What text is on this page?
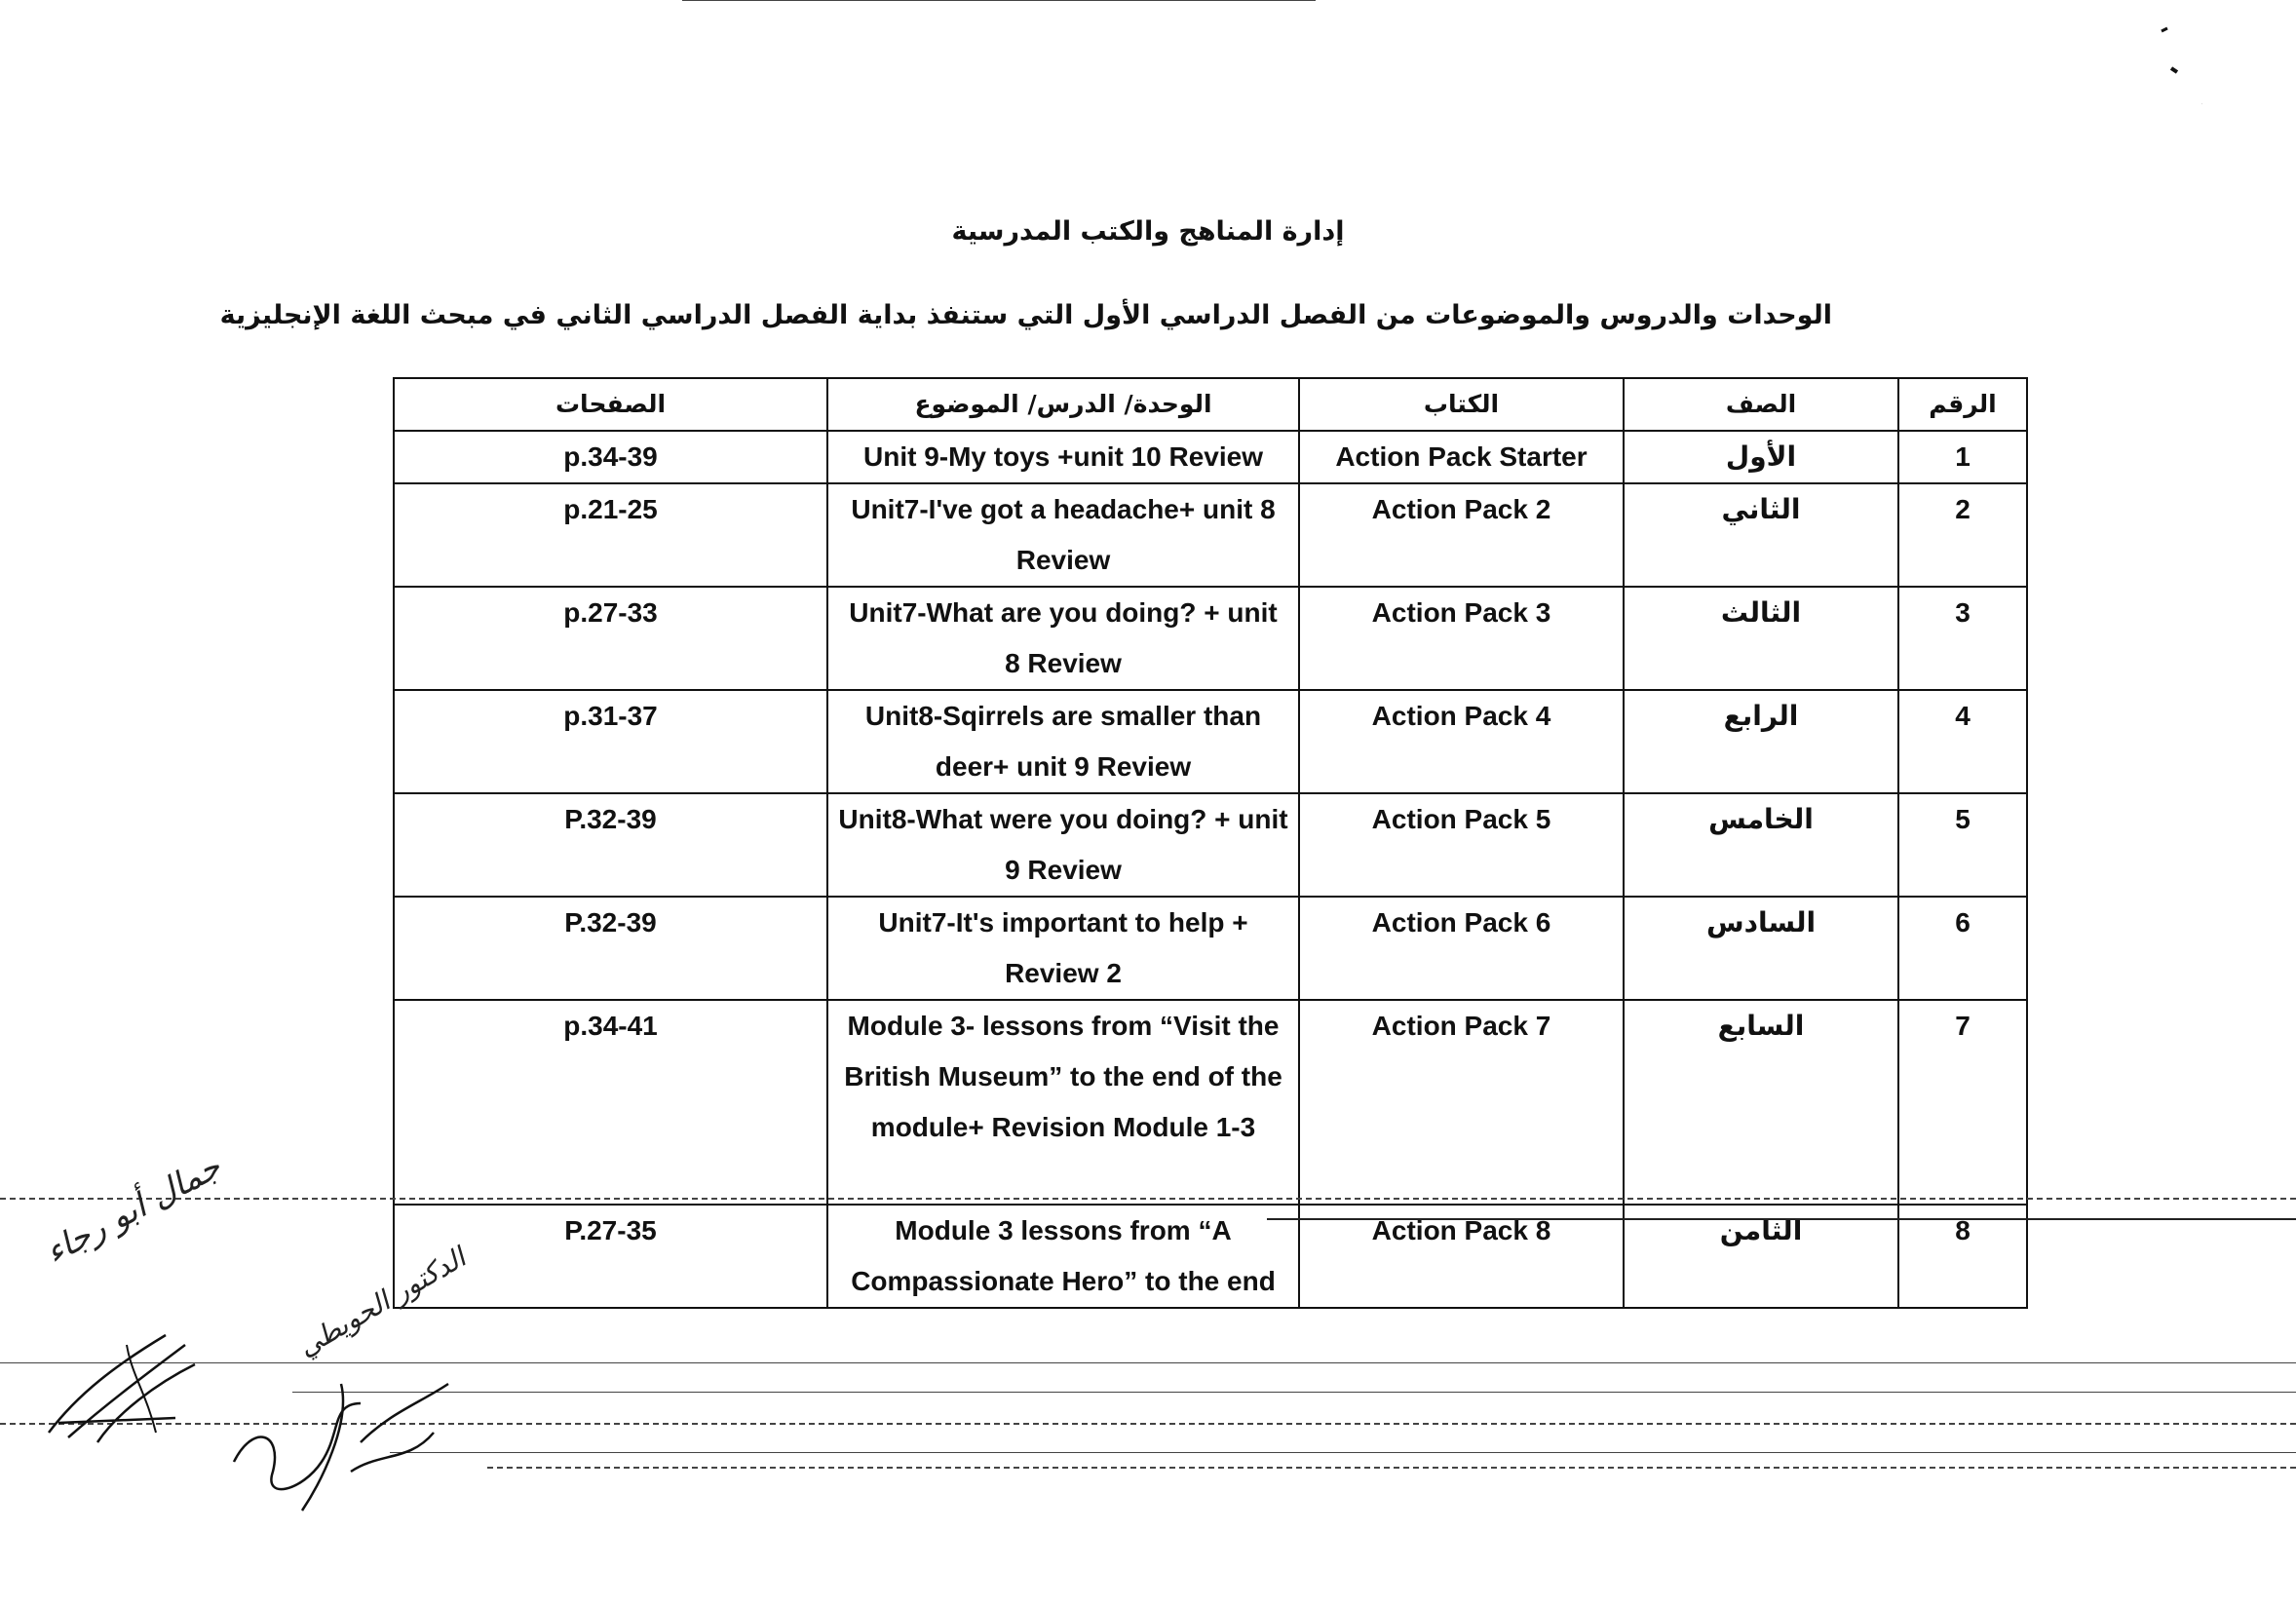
إدارة المناهج والكتب المدرسية
الوحدات والدروس والموضوعات من الفصل الدراسي الأول التي ستنفذ بداية الفصل الدراسي الثاني في مبحث اللغة الإنجليزية
الرقم	الصف	الكتاب	الوحدة/ الدرس/ الموضوع	الصفحات
1	الأول	Action Pack Starter	Unit 9-My toys +unit 10 Review	p.34-39
2	الثاني	Action Pack 2	Unit7-I've got a headache+ unit 8 Review	p.21-25
3	الثالث	Action Pack 3	Unit7-What are you doing? + unit 8 Review	p.27-33
4	الرابع	Action Pack 4	Unit8-Sqirrels are smaller than deer+ unit 9 Review	p.31-37
5	الخامس	Action Pack 5	Unit8-What were you doing? + unit 9 Review	P.32-39
6	السادس	Action Pack 6	Unit7-It's important to help + Review 2	P.32-39
7	السابع	Action Pack 7	Module 3- lessons from “Visit the British Museum” to the end of the module+ Revision Module 1-3	p.34-41
8	الثامن	Action Pack 8	Module 3 lessons from “A Compassionate Hero” to the end	P.27-35
جمال أبو رجاء
الدكتور الحويطي
